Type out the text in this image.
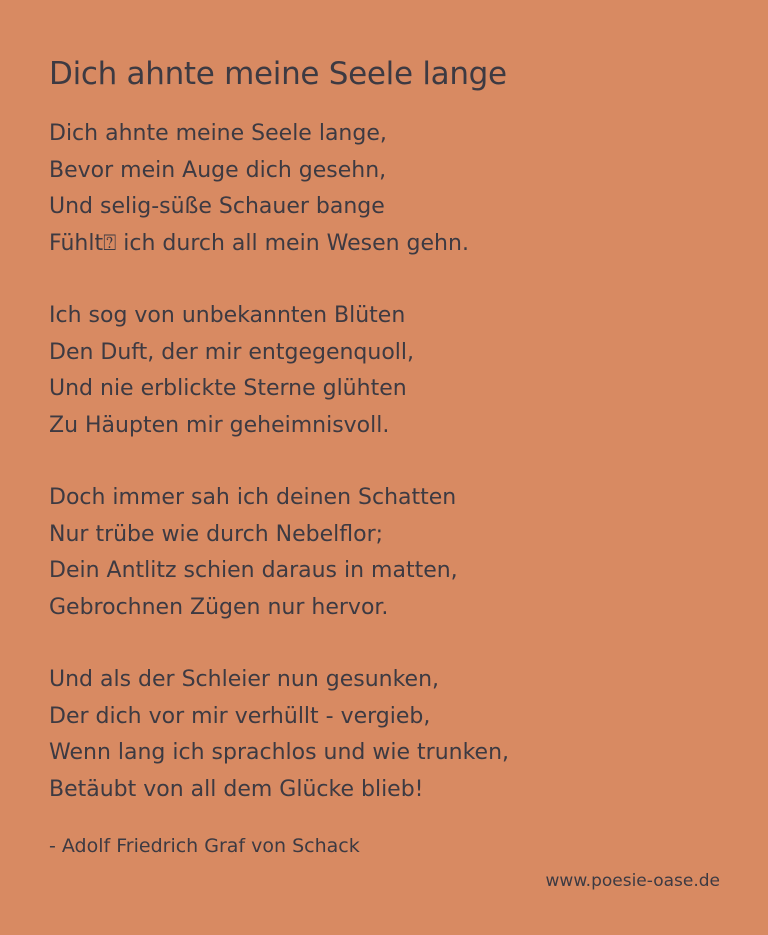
Dich ahnte meine Seele lange
Dich ahnte meine Seele lange,
Bevor mein Auge dich gesehn,
Und selig-süße Schauer bange
Fühlt⍰ ich durch all mein Wesen gehn.
Ich sog von unbekannten Blüten
Den Duft, der mir entgegenquoll,
Und nie erblickte Sterne glühten
Zu Häupten mir geheimnisvoll.
Doch immer sah ich deinen Schatten
Nur trübe wie durch Nebelflor;
Dein Antlitz schien daraus in matten,
Gebrochnen Zügen nur hervor.
Und als der Schleier nun gesunken,
Der dich vor mir verhüllt - vergieb,
Wenn lang ich sprachlos und wie trunken,
Betäubt von all dem Glücke blieb!
- Adolf Friedrich Graf von Schack
www.poesie-oase.de
